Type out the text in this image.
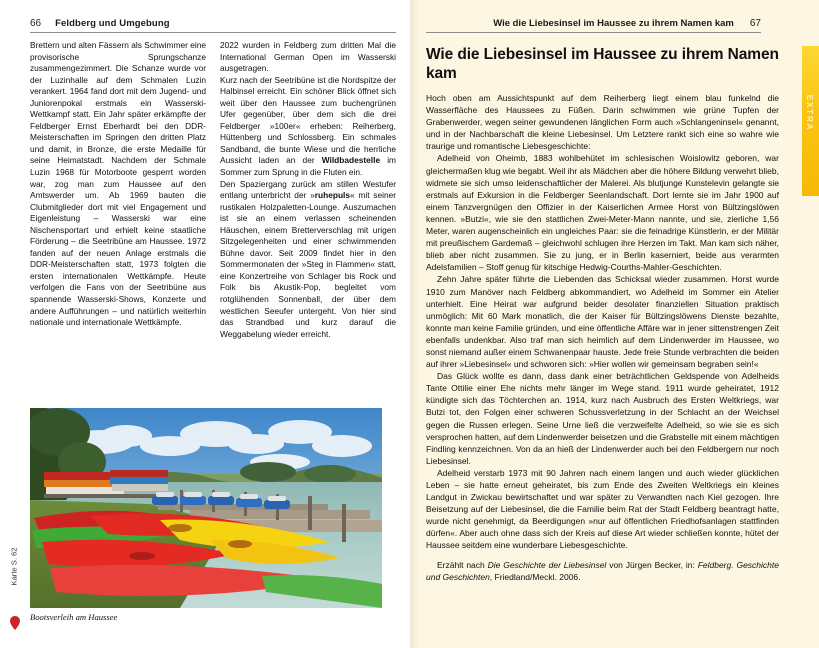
66 Feldberg und Umgebung

Brettern und alten Fässern als Schwimmer eine provisorische Sprungschanze zusammengezimmert. Die Schanze wurde vor der Luzinhalle auf dem Schmalen Luzin verankert. 1964 fand dort mit dem Jugend- und Juniorenpokal erstmals ein Wasserski-Wettkampf statt. Ein Jahr später erkämpfte der Feldberger Ernst Eberhardt bei den DDR-Meisterschaften im Springen den dritten Platz und damit, in Bronze, die erste Medaille für seine Heimatstadt. Nachdem der Schmale Luzin 1968 für Motorboote gesperrt worden war, zog man zum Haussee auf den Amtswerder um. Ab 1969 bauten die Clubmitglieder dort mit viel Engagement und Eigenleistung – Wasserski war eine Nischensportart und erhielt keine staatliche Förderung – die Seetribüne am Haussee. 1972 fanden auf der neuen Anlage erstmals die DDR-Meisterschaften statt, 1973 folgten die ersten internationalen Wettkämpfe. Heute verfolgen die Fans von der Seetribüne aus spannende Wasserski-Shows, Konzerte und andere Aufführungen – und natürlich weiterhin nationale und internationale Wettkämpfe.

2022 wurden in Feldberg zum dritten Mal die International German Open im Wasserski ausgetragen.

Kurz nach der Seetribüne ist die Nordspitze der Halbinsel erreicht. Ein schöner Blick öffnet sich weit über den Haussee zum buchengrünen Ufer gegenüber, über dem sich die drei Feldberger »100er« erheben: Reiherberg, Hüttenberg und Schlossberg. Ein schmales Sandband, die bunte Wiese und die herrliche Aussicht laden an der Wildbadestelle im Sommer zum Sprung in die Fluten ein.

Den Spaziergang zurück am stillen Westufer entlang unterbricht der »ruhepuls« mit seiner rustikalen Holzpaletten-Lounge. Auszumachen ist sie an einem verlassen scheinenden Häuschen, einem Bretterverschlag mit urigen Sitzgelegenheiten und einer schwimmenden Bühne davor. Seit 2009 findet hier in den Sommermonaten der »Steg in Flammen« statt, eine Konzertreihe von Schlager bis Rock und Folk bis Akustik-Pop, begleitet vom rotglühenden Sonnenball, der über dem westlichen Seeufer untergeht. Von hier sind das Strandbad und kurz darauf die Weggabelung wieder erreicht.

Bootsverleih am Haussee
Karte S. 62
Wie die Liebesinsel im Haussee zu ihrem Namen kam 67
Wie die Liebesinsel im Haussee zu ihrem Namen kam

Hoch oben am Aussichtspunkt auf dem Reiherberg liegt einem blau funkelnd die Wasserfläche des Haussees zu Füßen. Darin schwimmen wie grüne Tupfen der Grabenwerder, wegen seiner gewundenen länglichen Form auch »Schlangeninsel« genannt, und in der Nachbarschaft die kleine Liebesinsel. Um Letztere rankt sich eine so wahre wie traurige und romantische Liebesgeschichte:

Adelheid von Oheimb, 1883 wohlbehütet im schlesischen Woislowitz geboren, war gleichermaßen klug wie begabt. Weil ihr als Mädchen aber die höhere Bildung verwehrt blieb, widmete sie sich umso leidenschaftlicher der Malerei. Als blutjunge Kunstelevin gelangte sie erstmals auf Exkursion in die Feldberger Seenlandschaft. Dort lernte sie im Jahr 1900 auf einem Tanzvergnügen den Offizier in der Kaiserlichen Armee Horst von Bültzingslöwen kennen. »Butzi«, wie sie den stattlichen Zwei-Meter-Mann nannte, und sie, zierliche 1,56 Meter, waren augenscheinlich ein ungleiches Paar: sie die feinadrige Künstlerin, er der Militär mit preußischem Gardemaß – gleichwohl schlugen ihre Herzen im Takt. Man kam sich näher, blieb aber nicht zusammen. Sie zu jung, er in Berlin kaserniert, beide aus verarmten Adelsfamilien – Stoff genug für kitschige Hedwig-Courths-Mahler-Geschichten.

Zehn Jahre später führte die Liebenden das Schicksal wieder zusammen. Horst wurde 1910 zum Manöver nach Feldberg abkommandiert, wo Adelheid im Sommer ein Atelier unterhielt. Eine Heirat war aufgrund beider desolater finanziellen Situation praktisch unmöglich: Mit 60 Mark monatlich, die der Kaiser für Bültzingslöwens Dienste bezahlte, konnte man keine Familie gründen, und eine öffentliche Affäre war in jener sittenstrengen Zeit ebenfalls undenkbar. Also traf man sich heimlich auf dem Lindenwerder im Haussee, wo sonst niemand außer einem Schwanenpaar hauste. Jede freie Stunde verbrachten die beiden auf ihrer »Liebesinsel« und schworen sich: »Hier wollen wir gemeinsam begraben sein!«

Das Glück wollte es dann, dass dank einer beträchtlichen Geldspende von Adelheids Tante Ottilie einer Ehe nichts mehr länger im Wege stand. 1911 wurde geheiratet, 1912 kündigte sich das Töchterchen an. 1914, kurz nach Ausbruch des Ersten Weltkriegs, war Butzi tot, den Folgen einer schweren Schussverletzung in der Schlacht an der Weichsel gegen die Russen erlegen. Seine Urne ließ die verzweifelte Adelheid, so wie sie es sich versprochen hatten, auf dem Lindenwerder beisetzen und die Grabstelle mit einem mächtigen Findling kennzeichnen. Von da an hieß der Lindenwerder auch bei den Feldbergern nur noch Liebesinsel.

Adelheid verstarb 1973 mit 90 Jahren nach einem langen und auch wieder glücklichen Leben – sie hatte erneut geheiratet, bis zum Ende des Zweiten Weltkriegs ein kleines Landgut in Zwickau bewirtschaftet und war später zu Verwandten nach Kiel gezogen. Ihre Beisetzung auf der Liebesinsel, die die Familie beim Rat der Stadt Feldberg beantragt hatte, wurde nicht genehmigt, da Beerdigungen »nur auf öffentlichen Friedhofsanlagen stattfinden dürfen«. Aber auch ohne dass sich der Kreis auf diese Art wieder schließen konnte, hütet der Haussee seitdem eine wunderbare Liebesgeschichte.

Erzählt nach Die Geschichte der Liebesinsel von Jürgen Becker, in: Feldberg. Geschichte und Geschichten, Friedland/Meckl. 2006.

EXTRA
